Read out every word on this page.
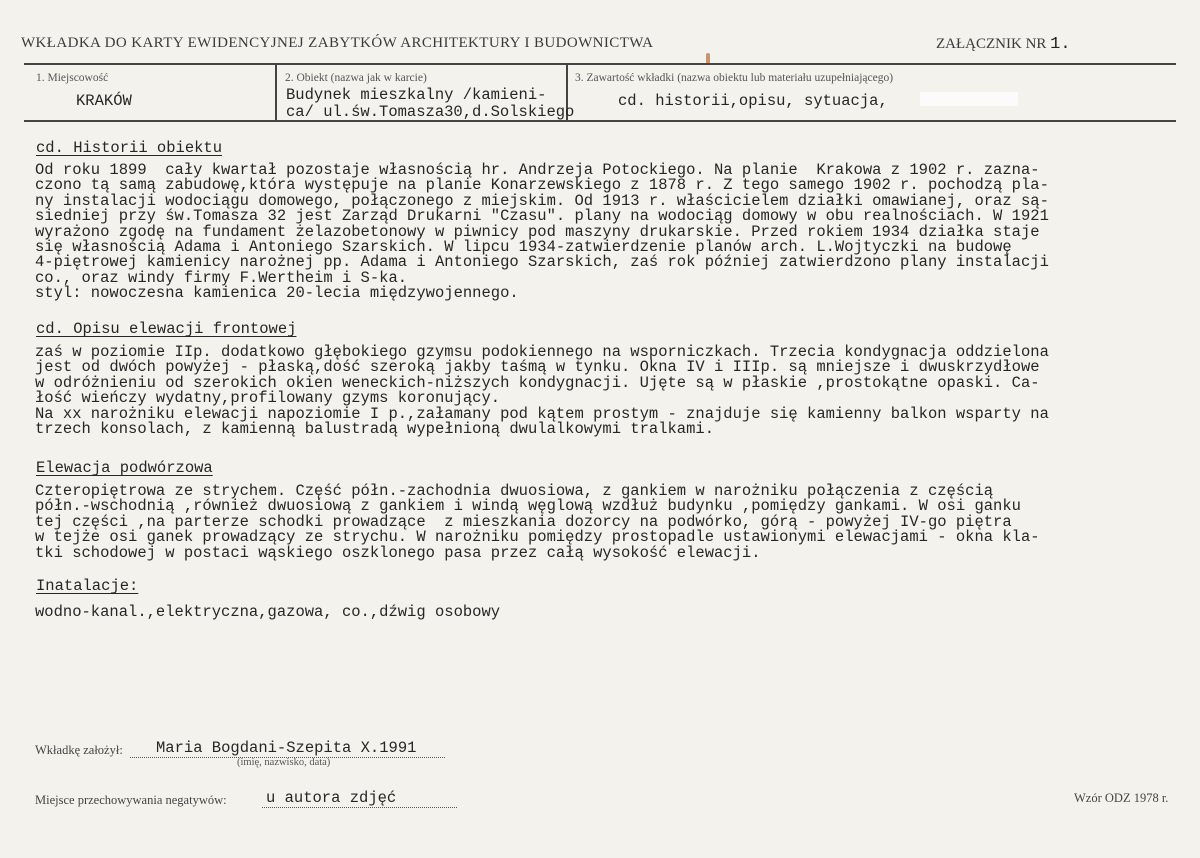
WKŁADKA DO KARTY EWIDENCYJNEJ ZABYTKÓW ARCHITEKTURY I BUDOWNICTWA	ZAŁĄCZNIK NR 1.
1. Miejscowość
KRAKÓW
2. Obiekt (nazwa jak w karcie)
Budynek mieszkalny /kamieni-
ca/ ul.św.Tomasza30,d.Solskiego
3. Zawartość wkładki (nazwa obiektu lub materiału uzupełniającego)
cd. historii,opisu, sytuacja,
cd. Historii obiektu
Od roku 1899  cały kwartał pozostaje własnością hr. Andrzeja Potockiego. Na planie  Krakowa z 1902 r. zazna-
czono tą samą zabudowę,która występuje na planie Konarzewskiego z 1878 r. Z tego samego 1902 r. pochodzą pla-
ny instalacji wodociągu domowego, połączonego z miejskim. Od 1913 r. właścicielem działki omawianej, oraz są-
siedniej przy św.Tomasza 32 jest Zarząd Drukarni "Czasu". plany na wodociąg domowy w obu realnościach. W 1921
wyrażono zgodę na fundament żelazobetonowy w piwnicy pod maszyny drukarskie. Przed rokiem 1934 działka staje
się własnością Adama i Antoniego Szarskich. W lipcu 1934-zatwierdzenie planów arch. L.Wojtyczki na budowę
4-piętrowej kamienicy narożnej pp. Adama i Antoniego Szarskich, zaś rok później zatwierdzono plany instalacji
co., oraz windy firmy F.Wertheim i S-ka.
styl: nowoczesna kamienica 20-lecia międzywojennego.
cd. Opisu elewacji frontowej
zaś w poziomie IIp. dodatkowo głębokiego gzymsu podokiennego na wsporniczkach. Trzecia kondygnacja oddzielona
jest od dwóch powyżej - płaską,dość szeroką jakby taśmą w tynku. Okna IV i IIIp. są mniejsze i dwuskrzydłowe
w odróżnieniu od szerokich okien weneckich-niższych kondygnacji. Ujęte są w płaskie ,prostokątne opaski. Ca-
łość wieńczy wydatny,profilowany gzyms koronujący.
Na xx narożniku elewacji napoziomie I p.,załamany pod kątem prostym - znajduje się kamienny balkon wsparty na
trzech konsolach, z kamienną balustradą wypełnioną dwulalkowymi tralkami.
Elewacja podwórzowa
Czteropiętrowa ze strychem. Część półn.-zachodnia dwuosiowa, z gankiem w narożniku połączenia z częścią
półn.-wschodnią ,również dwuosiową z gankiem i windą węglową wzdłuż budynku ,pomiędzy gankami. W osi ganku
tej części ,na parterze schodki prowadzące  z mieszkania dozorcy na podwórko, górą - powyżej IV-go piętra
w tejże osi ganek prowadzący ze strychu. W narożniku pomiędzy prostopadle ustawionymi elewacjami - okna kla-
tki schodowej w postaci wąskiego oszklonego pasa przez całą wysokość elewacji.
Inatalacje:
wodno-kanal.,elektryczna,gazowa, co.,dźwig osobowy
Wkładkę założył: Maria Bogdani-Szepita X.1991
(imię, nazwisko, data)
Miejsce przechowywania negatywów:	u autora zdjęć	Wzór ODZ 1978 r.
